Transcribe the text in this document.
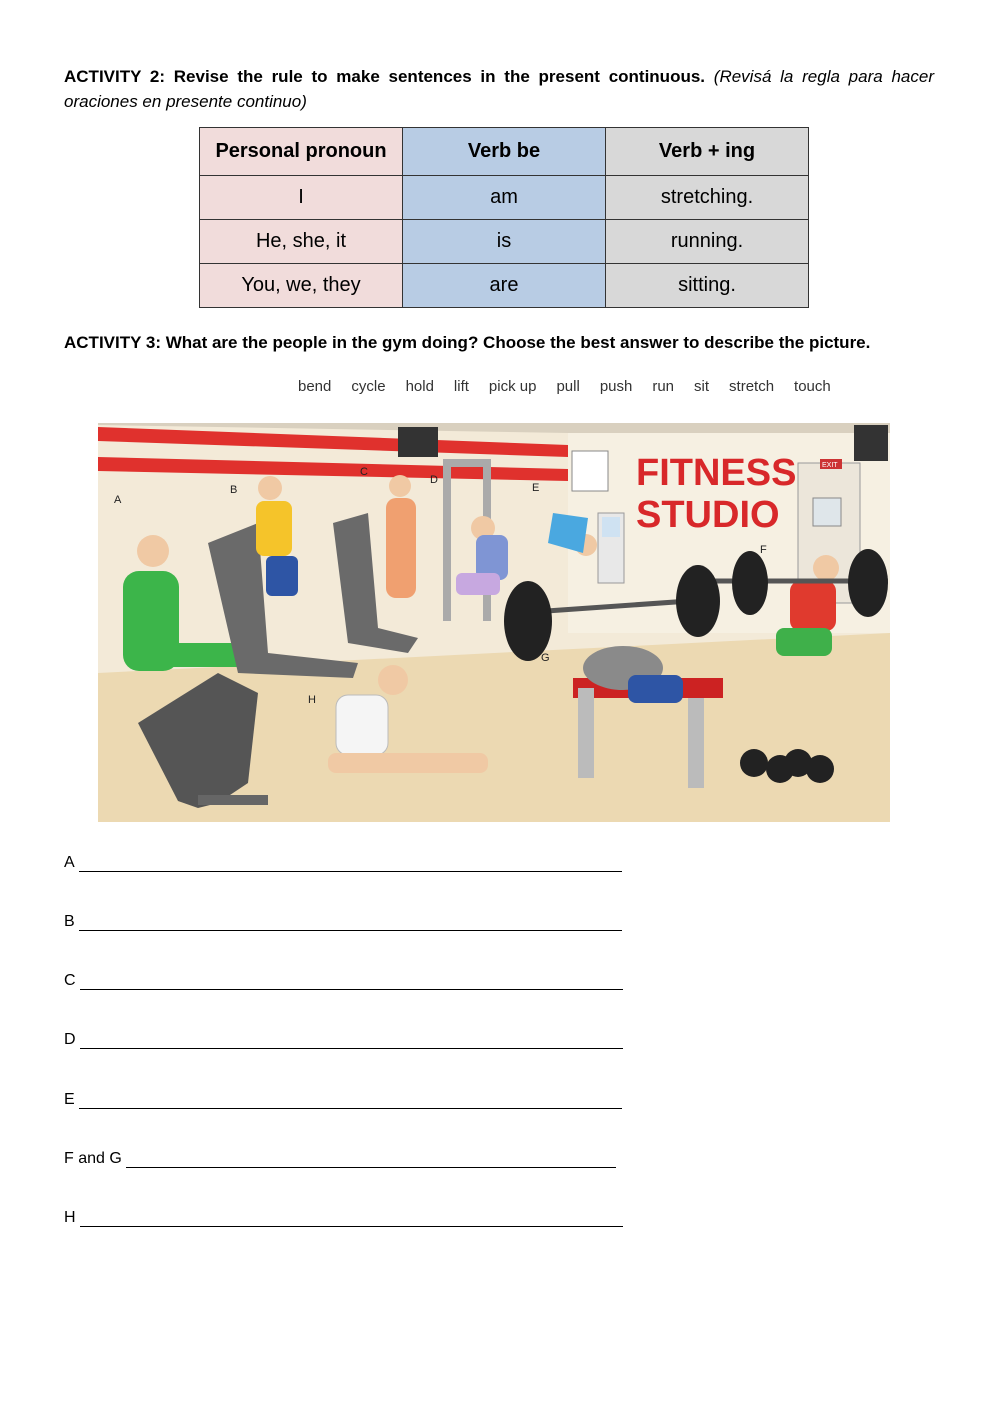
ACTIVITY 2: Revise the rule to make sentences in the present continuous. (Revisá la regla para hacer oraciones en presente continuo)
Personal pronoun	Verb be	Verb + ing
I	am	stretching.
He, she, it	is	running.
You, we, they	are	sitting.
ACTIVITY 3: What are the people in the gym doing? Choose the best answer to describe the picture.
bend cycle hold lift pick up pull push run sit stretch touch
FITNESS
STUDIO
EXIT
A
B
C
D
E
F
G
H
A
B
C
D
E
F and G
H
